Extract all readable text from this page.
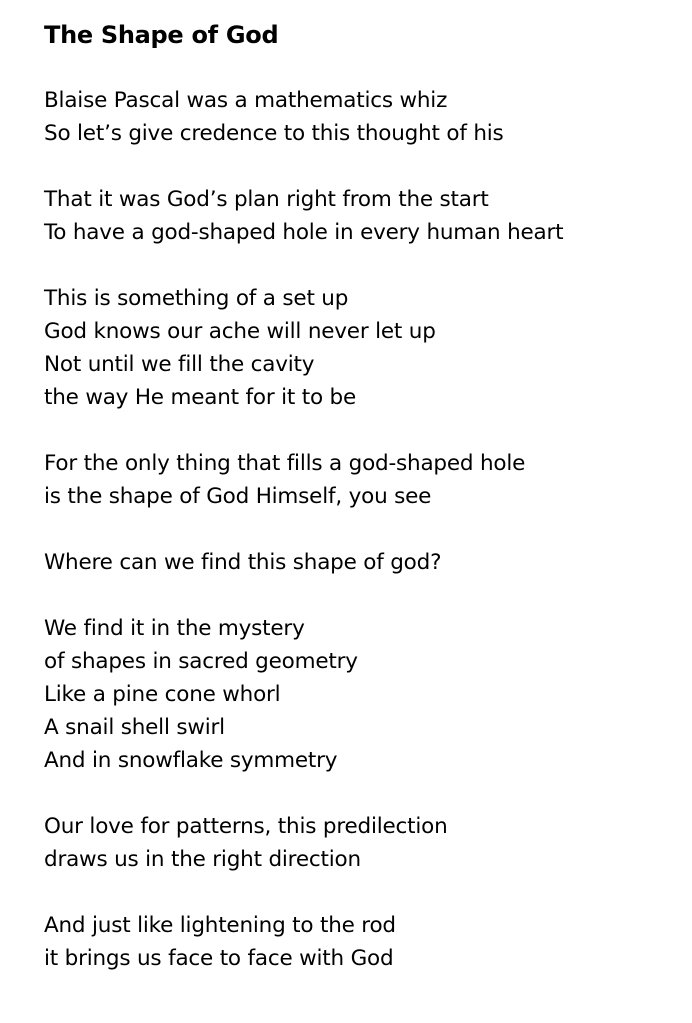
The Shape of God
Blaise Pascal was a mathematics whiz
So let’s give credence to this thought of his
That it was God’s plan right from the start
To have a god-shaped hole in every human heart
This is something of a set up
God knows our ache will never let up
Not until we fill the cavity
the way He meant for it to be
For the only thing that fills a god-shaped hole
is the shape of God Himself, you see
Where can we find this shape of god?
We find it in the mystery
of shapes in sacred geometry
Like a pine cone whorl
A snail shell swirl
And in snowflake symmetry
Our love for patterns, this predilection
draws us in the right direction
And just like lightening to the rod
it brings us face to face with God
